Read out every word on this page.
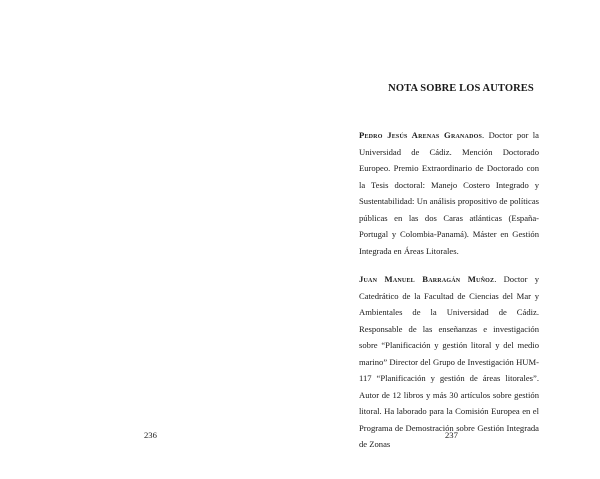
236
NOTA SOBRE LOS AUTORES

Pedro Jesús Arenas Granados. Doctor por la Universidad de Cádiz. Mención Doctorado Europeo. Premio Extraordinario de Doctorado con la Tesis doctoral: Manejo Costero Integrado y Sustentabilidad: Un análisis propositivo de políticas públicas en las dos Caras atlánticas (España-Portugal y Colombia-Panamá). Máster en Gestión Integrada en Áreas Litorales.

Juan Manuel Barragán Muñoz. Doctor y Catedrático de la Facultad de Ciencias del Mar y Ambientales de la Universidad de Cádiz. Responsable de las enseñanzas e investigación sobre “Planificación y gestión litoral y del medio marino” Director del Grupo de Investigación HUM-117 “Planificación y gestión de áreas litorales”. Autor de 12 libros y más 30 artículos sobre gestión litoral. Ha laborado para la Comisión Europea en el Programa de Demostración sobre Gestión Integrada de Zonas

237
